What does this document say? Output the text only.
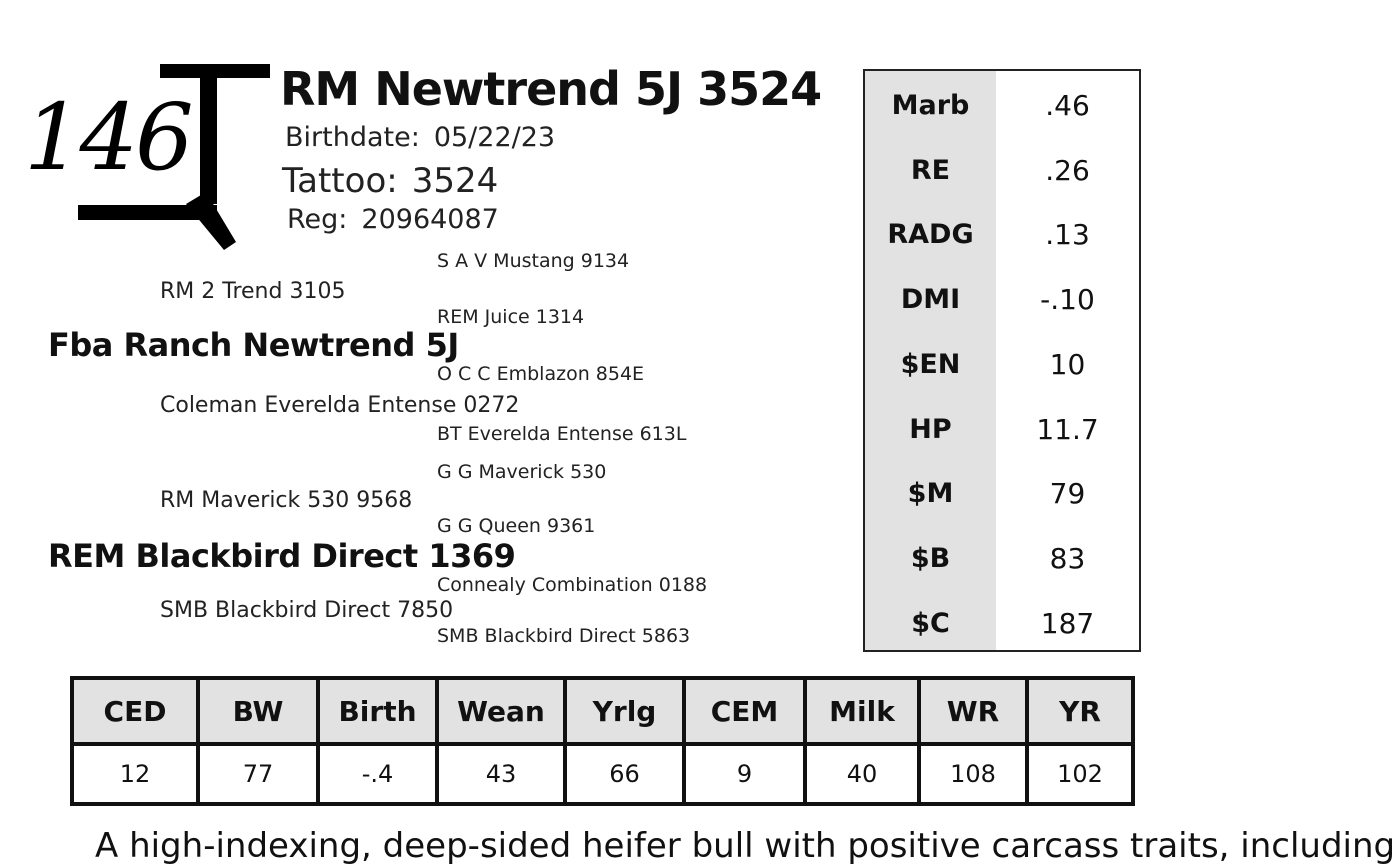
146 RM Newtrend 5J 3524
Birthdate: 05/22/23
Tattoo: 3524
Reg: 20964087
S A V Mustang 9134
RM 2 Trend 3105
REM Juice 1314
Fba Ranch Newtrend 5J
O C C Emblazon 854E
Coleman Everelda Entense 0272
BT Everelda Entense 613L
G G Maverick 530
RM Maverick 530 9568
G G Queen 9361
REM Blackbird Direct 1369
Connealy Combination 0188
SMB Blackbird Direct 7850
SMB Blackbird Direct 5863
Marb	.46
RE	.26
RADG	.13
DMI	-.10
$EN	10
HP	11.7
$M	79
$B	83
$C	187
CED	BW	Birth	Wean	Yrlg	CEM	Milk	WR	YR
12	77	-.4	43	66	9	40	108	102
A high-indexing, deep-sided heifer bull with positive carcass traits, including
